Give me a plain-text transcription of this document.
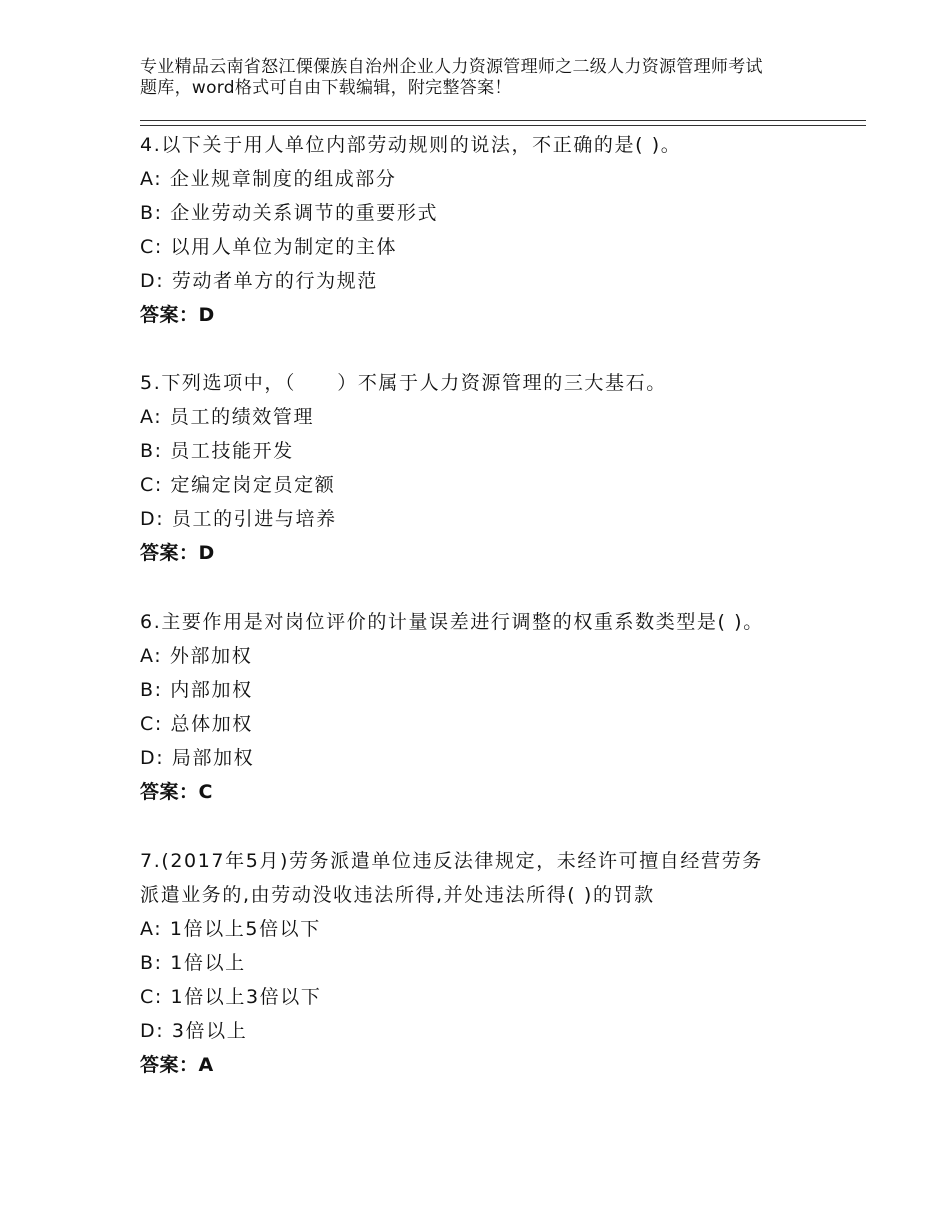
专业精品云南省怒江傈僳族自治州企业人力资源管理师之二级人力资源管理师考试
题库，word格式可自由下载编辑，附完整答案！
4.以下关于用人单位内部劳动规则的说法，不正确的是( )。
A: 企业规章制度的组成部分
B: 企业劳动关系调节的重要形式
C: 以用人单位为制定的主体
D: 劳动者单方的行为规范
答案：D
5.下列选项中，（　　）不属于人力资源管理的三大基石。
A: 员工的绩效管理
B: 员工技能开发
C: 定编定岗定员定额
D: 员工的引进与培养
答案：D
6.主要作用是对岗位评价的计量误差进行调整的权重系数类型是( )。
A: 外部加权
B: 内部加权
C: 总体加权
D: 局部加权
答案：C
7.(2017年5月)劳务派遣单位违反法律规定，未经许可擅自经营劳务
派遣业务的,由劳动没收违法所得,并处违法所得( )的罚款
A: 1倍以上5倍以下
B: 1倍以上
C: 1倍以上3倍以下
D: 3倍以上
答案：A
